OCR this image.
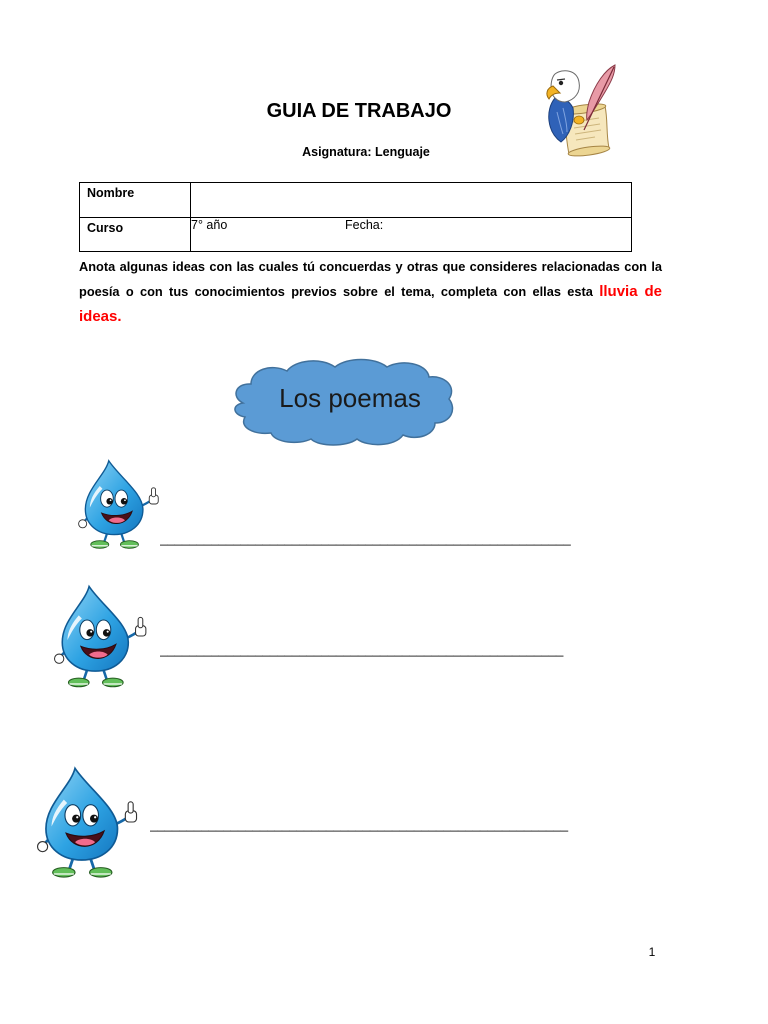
GUIA DE TRABAJO
Asignatura: Lenguaje
Nombre
Curso	7° año	Fecha:

Anota algunas ideas con las cuales tú concuerdas y otras que consideres relacionadas con la poesía o con tus conocimientos previos sobre el tema, completa con ellas esta lluvia de ideas.

Los poemas
________________________________________________________
_______________________________________________________
_________________________________________________________
1
